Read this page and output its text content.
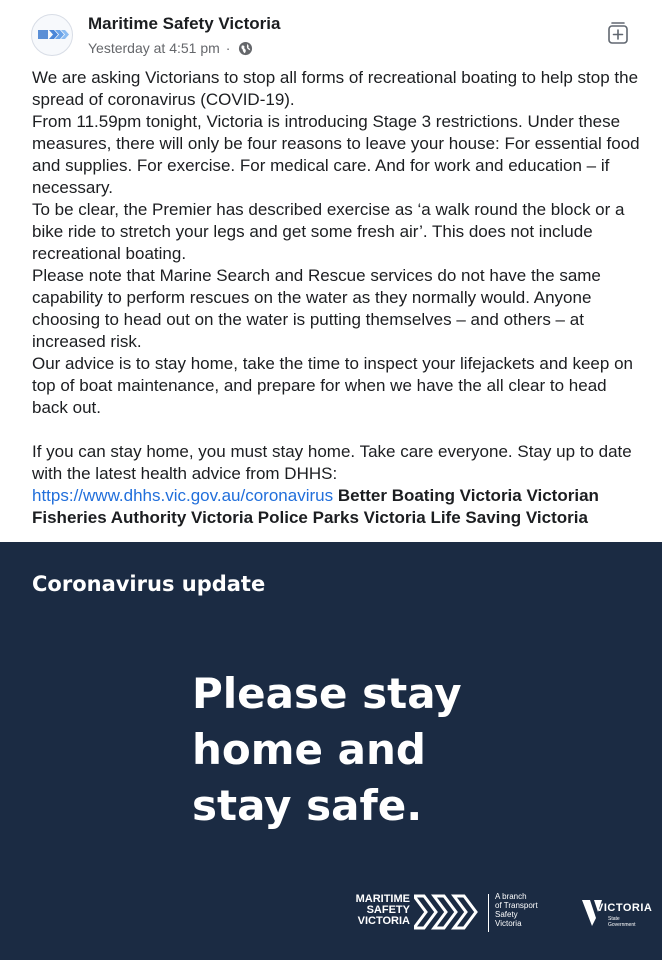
Maritime Safety Victoria
Yesterday at 4:51 pm ·

We are asking Victorians to stop all forms of recreational boating to help stop the spread of coronavirus (COVID-19).

From 11.59pm tonight, Victoria is introducing Stage 3 restrictions. Under these measures, there will only be four reasons to leave your house: For essential food and supplies. For exercise. For medical care. And for work and education – if necessary.

To be clear, the Premier has described exercise as ‘a walk round the block or a bike ride to stretch your legs and get some fresh air’. This does not include recreational boating.

Please note that Marine Search and Rescue services do not have the same capability to perform rescues on the water as they normally would. Anyone choosing to head out on the water is putting themselves – and others – at increased risk.

Our advice is to stay home, take the time to inspect your lifejackets and keep on top of boat maintenance, and prepare for when we have the all clear to head back out.

If you can stay home, you must stay home. Take care everyone. Stay up to date with the latest health advice from DHHS: https://www.dhhs.vic.gov.au/coronavirus Better Boating Victoria Victorian Fisheries Authority Victoria Police Parks Victoria Life Saving Victoria

Coronavirus update
Please stay
home and
stay safe.
MARITIME
SAFETY
VICTORIA
A branch
of Transport
Safety
Victoria
VICTORIA
State
Government
